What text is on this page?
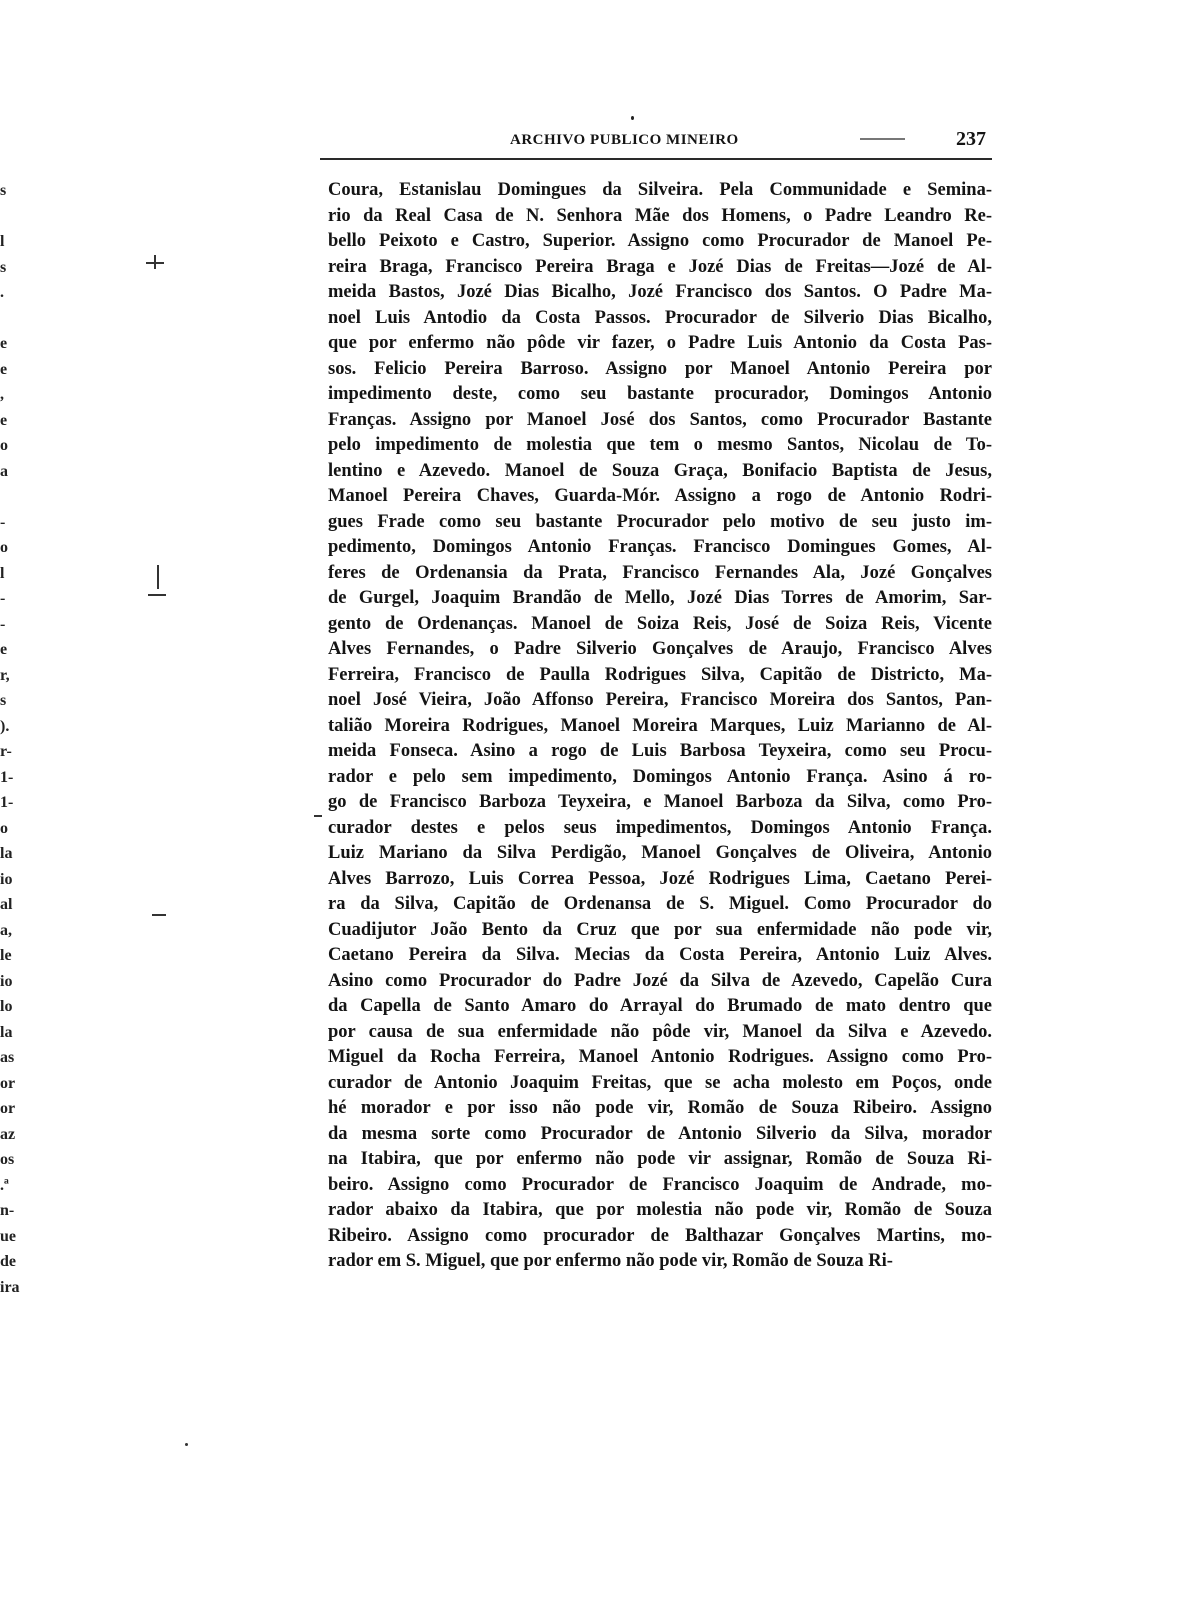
ARCHIVO PUBLICO MINEIRO	237
Coura, Estanislau Domingues da Silveira. Pela Communidade e Semina-
rio da Real Casa de N. Senhora Mãe dos Homens, o Padre Leandro Re-
bello Peixoto e Castro, Superior. Assigno como Procurador de Manoel Pe-
reira Braga, Francisco Pereira Braga e Jozé Dias de Freitas—Jozé de Al-
meida Bastos, Jozé Dias Bicalho, Jozé Francisco dos Santos. O Padre Ma-
noel Luis Antodio da Costa Passos. Procurador de Silverio Dias Bicalho,
que por enfermo não pôde vir fazer, o Padre Luis Antonio da Costa Pas-
sos. Felicio Pereira Barroso. Assigno por Manoel Antonio Pereira por
impedimento deste, como seu bastante procurador, Domingos Antonio
Franças. Assigno por Manoel José dos Santos, como Procurador Bastante
pelo impedimento de molestia que tem o mesmo Santos, Nicolau de To-
lentino e Azevedo. Manoel de Souza Graça, Bonifacio Baptista de Jesus,
Manoel Pereira Chaves, Guarda-Mór. Assigno a rogo de Antonio Rodri-
gues Frade como seu bastante Procurador pelo motivo de seu justo im-
pedimento, Domingos Antonio Franças. Francisco Domingues Gomes, Al-
feres de Ordenansia da Prata, Francisco Fernandes Ala, Jozé Gonçalves
de Gurgel, Joaquim Brandão de Mello, Jozé Dias Torres de Amorim, Sar-
gento de Ordenanças. Manoel de Soiza Reis, José de Soiza Reis, Vicente
Alves Fernandes, o Padre Silverio Gonçalves de Araujo, Francisco Alves
Ferreira, Francisco de Paulla Rodrigues Silva, Capitão de Districto, Ma-
noel José Vieira, João Affonso Pereira, Francisco Moreira dos Santos, Pan-
talião Moreira Rodrigues, Manoel Moreira Marques, Luiz Marianno de Al-
meida Fonseca. Asino a rogo de Luis Barbosa Teyxeira, como seu Procu-
rador e pelo sem impedimento, Domingos Antonio França. Asino á ro-
go de Francisco Barboza Teyxeira, e Manoel Barboza da Silva, como Pro-
curador destes e pelos seus impedimentos, Domingos Antonio França.
Luiz Mariano da Silva Perdigão, Manoel Gonçalves de Oliveira, Antonio
Alves Barrozo, Luis Correa Pessoa, Jozé Rodrigues Lima, Caetano Perei-
ra da Silva, Capitão de Ordenansa de S. Miguel. Como Procurador do
Cuadijutor João Bento da Cruz que por sua enfermidade não pode vir,
Caetano Pereira da Silva. Mecias da Costa Pereira, Antonio Luiz Alves.
Asino como Procurador do Padre Jozé da Silva de Azevedo, Capelão Cura
da Capella de Santo Amaro do Arrayal do Brumado de mato dentro que
por causa de sua enfermidade não pôde vir, Manoel da Silva e Azevedo.
Miguel da Rocha Ferreira, Manoel Antonio Rodrigues. Assigno como Pro-
curador de Antonio Joaquim Freitas, que se acha molesto em Poços, onde
hé morador e por isso não pode vir, Romão de Souza Ribeiro. Assigno
da mesma sorte como Procurador de Antonio Silverio da Silva, morador
na Itabira, que por enfermo não pode vir assignar, Romão de Souza Ri-
beiro. Assigno como Procurador de Francisco Joaquim de Andrade, mo-
rador abaixo da Itabira, que por molestia não pode vir, Romão de Souza
Ribeiro. Assigno como procurador de Balthazar Gonçalves Martins, mo-
rador em S. Miguel, que por enfermo não pode vir, Romão de Souza Ri-
s
l
s
.
e
e
,
e
o
a
-
o
l
-
-
e
r,
s
).
r-
1-
1-
o
la
io
al
a,
le
io
lo
la
as
or
or
az
os
.ª
n-
ue
de
ira
